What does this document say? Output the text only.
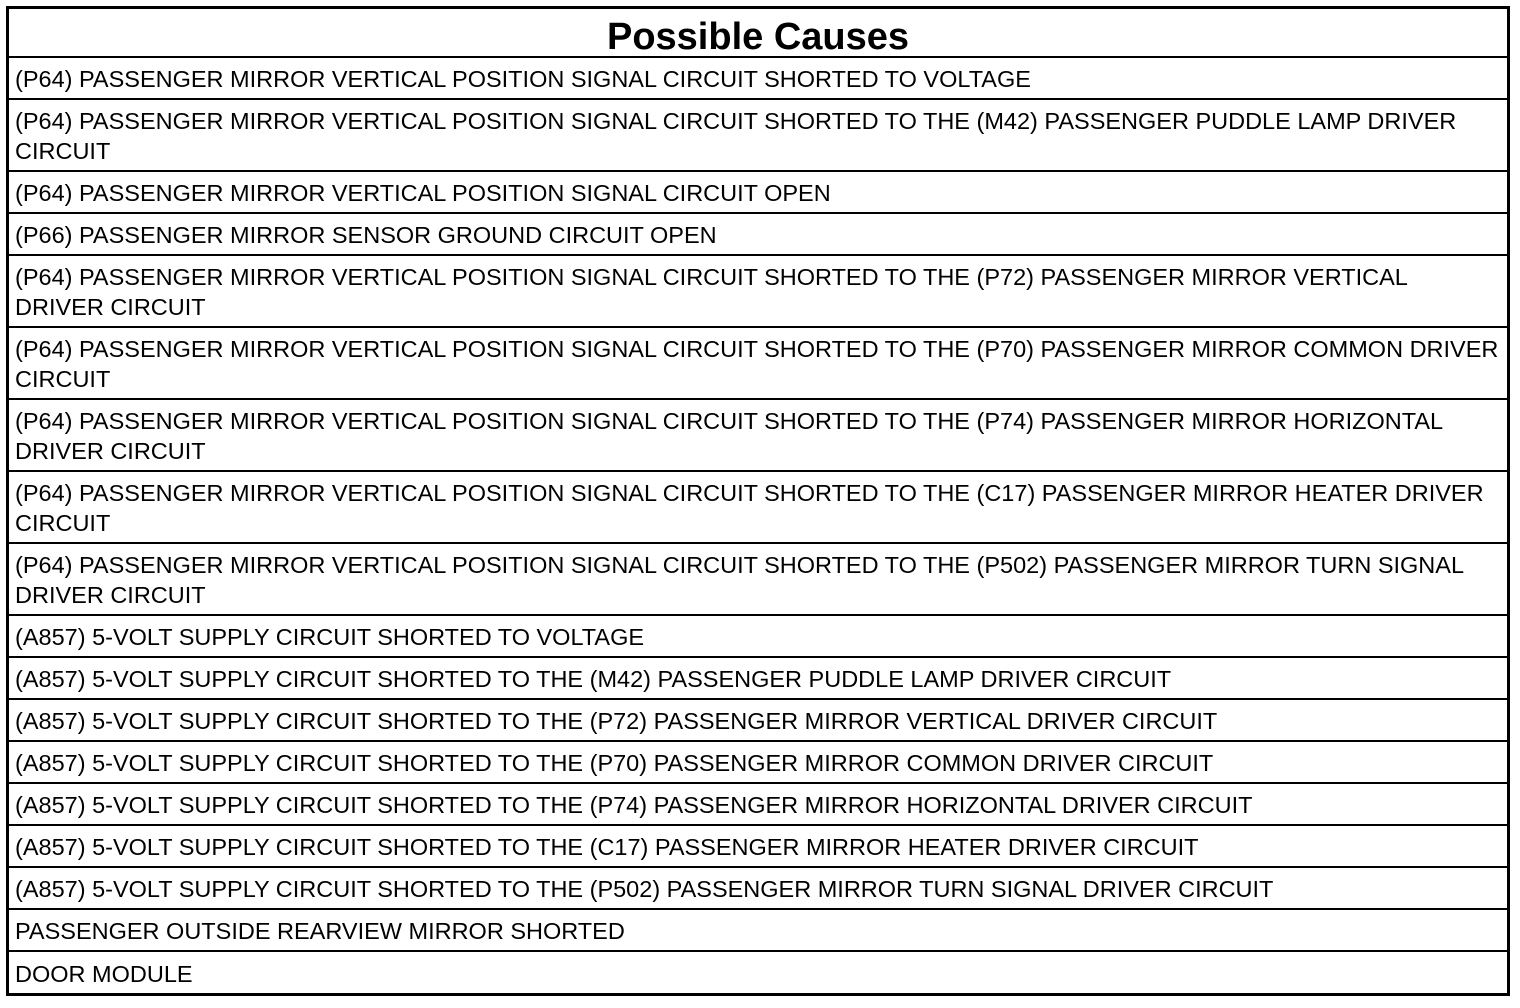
Possible Causes
(P64) PASSENGER MIRROR VERTICAL POSITION SIGNAL CIRCUIT SHORTED TO VOLTAGE
(P64) PASSENGER MIRROR VERTICAL POSITION SIGNAL CIRCUIT SHORTED TO THE (M42) PASSENGER PUDDLE LAMP DRIVER CIRCUIT
(P64) PASSENGER MIRROR VERTICAL POSITION SIGNAL CIRCUIT OPEN
(P66) PASSENGER MIRROR SENSOR GROUND CIRCUIT OPEN
(P64) PASSENGER MIRROR VERTICAL POSITION SIGNAL CIRCUIT SHORTED TO THE (P72) PASSENGER MIRROR VERTICAL DRIVER CIRCUIT
(P64) PASSENGER MIRROR VERTICAL POSITION SIGNAL CIRCUIT SHORTED TO THE (P70) PASSENGER MIRROR COMMON DRIVER CIRCUIT
(P64) PASSENGER MIRROR VERTICAL POSITION SIGNAL CIRCUIT SHORTED TO THE (P74) PASSENGER MIRROR HORIZONTAL DRIVER CIRCUIT
(P64) PASSENGER MIRROR VERTICAL POSITION SIGNAL CIRCUIT SHORTED TO THE (C17) PASSENGER MIRROR HEATER DRIVER CIRCUIT
(P64) PASSENGER MIRROR VERTICAL POSITION SIGNAL CIRCUIT SHORTED TO THE (P502) PASSENGER MIRROR TURN SIGNAL DRIVER CIRCUIT
(A857) 5-VOLT SUPPLY CIRCUIT SHORTED TO VOLTAGE
(A857) 5-VOLT SUPPLY CIRCUIT SHORTED TO THE (M42) PASSENGER PUDDLE LAMP DRIVER CIRCUIT
(A857) 5-VOLT SUPPLY CIRCUIT SHORTED TO THE (P72) PASSENGER MIRROR VERTICAL DRIVER CIRCUIT
(A857) 5-VOLT SUPPLY CIRCUIT SHORTED TO THE (P70) PASSENGER MIRROR COMMON DRIVER CIRCUIT
(A857) 5-VOLT SUPPLY CIRCUIT SHORTED TO THE (P74) PASSENGER MIRROR HORIZONTAL DRIVER CIRCUIT
(A857) 5-VOLT SUPPLY CIRCUIT SHORTED TO THE (C17) PASSENGER MIRROR HEATER DRIVER CIRCUIT
(A857) 5-VOLT SUPPLY CIRCUIT SHORTED TO THE (P502) PASSENGER MIRROR TURN SIGNAL DRIVER CIRCUIT
PASSENGER OUTSIDE REARVIEW MIRROR SHORTED
DOOR MODULE
